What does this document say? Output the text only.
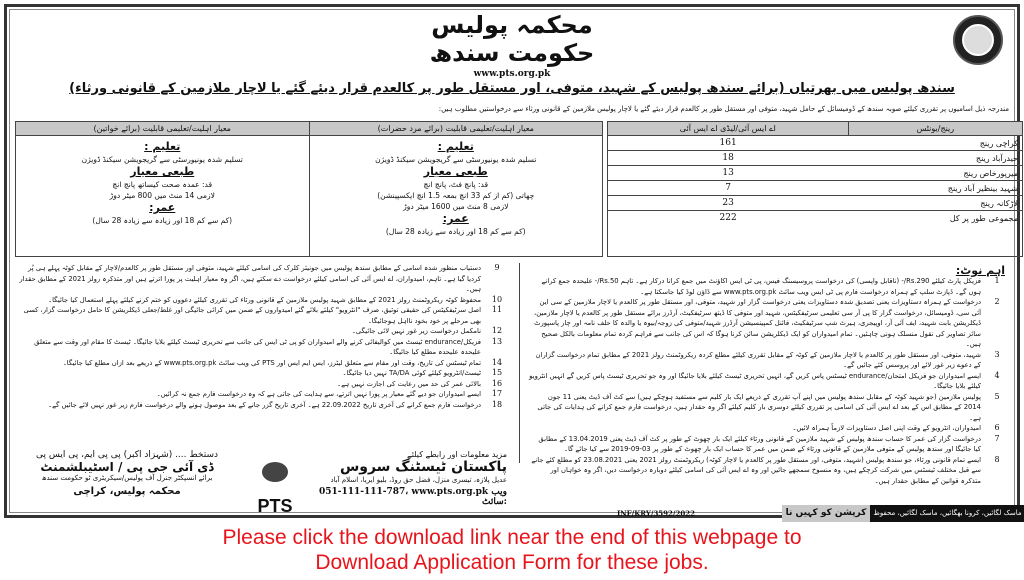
محکمہ پولیس
حکومت سندھ
www.pts.org.pk
سندھ پولیس میں بھرتیاں (برائے سندھ پولیس کے شہید، متوفی، اور مستقل طور پر کالعدم قرار دیئے گئے یا لاچار ملازمین کے قانونی ورثاء)
مندرجہ ذیل اسامیوں پر تقرری کیلئے صوبہ سندھ کے ڈومیسائل کے حامل شہید، متوفی اور مستقل طور پر کالعدم قرار دیئے گئے یا لاچار پولیس ملازمین کے قانونی ورثاء سے درخواستیں مطلوب ہیں:
معیار اہلیت/تعلیمی قابلیت (برائے خواتین)	معیار اہلیت/تعلیمی قابلیت (برائے مرد حضرات)

تعلیم :
تسلیم شدہ یونیورسٹی سے گریجویشن سیکنڈ ڈویژن
طبعی معیار
قد: عمدہ صحت کیساتھ پانچ انچ
لازمی 14 منٹ میں 800 میٹر دوڑ
عمر:
(کم سے کم 18 اور زیادہ سے زیادہ 28 سال)

تعلیم :
تسلیم شدہ یونیورسٹی سے گریجویشن سیکنڈ ڈویژن
طبعی معیار
قد: پانچ فٹ، پانچ انچ
چھاتی (کم از کم 33 انچ بمعہ 1.5 انچ ایکسپینشن)
لازمی 8 منٹ میں 1600 میٹر دوڑ
عمر:
(کم سے کم 18 اور زیادہ سے زیادہ 28 سال)
اے ایس آئی/لیڈی اے ایس آئی	رینج/یونٹس
161	کراچی رینج
18	حیدرآباد رینج
13	میرپورخاص رینج
7	شہید بینظیر آباد رینج
23	لاڑکانہ رینج
222	مجموعی طور پر کل

اہم نوٹ:
1
فزیکل پارٹ کیلئے Rs.290/- (ناقابل واپسی) کی درخواست پروسیسنگ فیس، پی ٹی ایس اکاؤنٹ میں جمع کرانا درکار ہے۔ تاہم Rs.50/- علیحدہ جمع کرانے ہوں گے۔ ڈپازٹ سلپ کے ہمراہ درخواست فارم پی ٹی ایس ویب سائٹ www.pts.org.pk سے ڈاؤن لوڈ کیا جاسکتا ہے۔
2
درخواست کے ہمراہ دستاویزات یعنی تصدیق شدہ دستاویزات یعنی درخواست گزار اور شہید، متوفی، اور مستقل طور پر کالعدم یا لاچار ملازمین کے سی این آئی سی، ڈومیسائل، درخواست گزار کا پی آر سی تعلیمی سرٹیفکیٹس، شہید اور متوفی کا ڈیتھ سرٹیفکیٹ، آرڈرز برائے مستقل طور پر کالعدم یا لاچار ملازمین، ڈیکلریشن بابت شہید، ایف آئی آر، اوپیجری، ہیرٹ شپ سرٹیفکیٹ، فائنل کمپینسیشن آرڈرز شہید/متوفی کی زوجہ/بیوہ یا والدہ کا حلف نامہ اور چار پاسپورٹ سائز تصاویر کی نقول منسلک ہونی چاہئیں۔ تمام امیدواران کو ایک ڈیکلریشن سائن کرنا ہوگا کہ اس کی جانب سے فراہم کردہ تمام معلومات بالکل صحیح ہیں۔
3
شہید، متوفی، اور مستقل طور پر کالعدم یا لاچار ملازمین کے کوٹہ کے مقابل تقرری کیلئے مطلع کردہ ریکروٹمنٹ رولز 2021 کے مطابق تمام درخواست گزاران کے دعوے زیر غور لائے اور پروسس کئے جائیں گے۔
4
ایسے امیدواران جو فزیکل امتحان/endurance ٹیسٹس پاس کریں گے، انہیں تحریری ٹیسٹ کیلئے بلایا جائیگا اور وہ جو تحریری ٹیسٹ پاس کریں گے انہیں انٹرویو کیلئے بلایا جائیگا۔
5
پولیس ملازمین (جو شہید کوٹہ کے مقابل سندھ پولیس میں اپنے آپ تقرری کے ذریعے ایک بار کلیم سے مستفید ہوچکے ہیں) سے کٹ آف ڈیٹ یعنی 11 جون 2014 کے مطابق اس کے بعد اے ایس آئی کی اسامی پر تقرری کیلئے دوسری بار کلیم کیلئے اگر وہ حقدار ہیں، درخواست فارم جمع کرانے کی ہدایات کی جاتی ہے۔
6
امیدواران، انٹرویو کے وقت اپنی اصل دستاویزات لازماً ہمراہ لائیں۔
7
درخواست گزار کی عمر کا حساب سندھ پولیس کے شہید ملازمین کے قانونی ورثاء کیلئے ایک بار چھوٹ کے طور پر کٹ آف ڈیٹ یعنی 13.04.2019 کے مطابق کیا جائیگا اور سندھ پولیس کے متوفی ملازمین کے قانونی ورثاء کے ضمن میں عمر کا حساب ایک بار چھوٹ کے طور پر 03-09-2019 سے کیا جائے گا۔
8
ایسے تمام قانونی ورثاء، جو سندھ پولیس (شہید، متوفی، اور مستقل طور پر کالعدم یا لاچار کوٹہ) ریکروٹمنٹ رولز 2021 یعنی 23.08.2021 کو مطلع کئے جانے سے قبل مختلف ٹیسٹس میں شرکت کرچکے ہیں، وہ منسوخ سمجھے جائیں اور وہ اے ایس آئی کی اسامی کیلئے دوبارہ درخواست دیں، اگر وہ خواہاں اور متذکرہ قوانین کے مطابق حقدار ہیں۔
9
دستیاب منظور شدہ اسامی کے مطابق سندھ پولیس میں جونیئر کلرک کی اسامی کیلئے شہید، متوفی اور مستقل طور پر کالعدم/لاچار کے مقابل کوٹہ پہلے ہی پُر کردیا گیا ہے۔ تاہم، امیدواران، اے ایس آئی کی اسامی کیلئے درخواست دے سکتے ہیں، اگر وہ معیار اہلیت پر پورا اترتے ہیں اور متذکرہ رولز 2021 کے مطابق حقدار ہیں۔
10
محفوظ کوٹہ ریکروٹمنٹ رولز 2021 کے مطابق شہید پولیس ملازمین کے قانونی ورثاء کی تقرری کیلئے دعووں کو ختم کرنے کیلئے پہلے استعمال کیا جائیگا۔
11
اصل سرٹیفکیٹس کی حقیقی توثیق، صرف "انٹرویو" کیلئے بلائے گئے امیدواروں کے ضمن میں کرائی جائیگی اور غلط/جعلی ڈیکلریشن کا حامل درخواست گزار، کسی بھی مرحلے پر خود بخود نااہل ہوجائیگا۔
12
نامکمل درخواست زیر غور نہیں لائی جائیگی۔
13
فزیکل/endurance ٹیسٹ میں کوالیفائی کرنے والے امیدواران کو پی ٹی ایس کی جانب سے تحریری ٹیسٹ کیلئے بلایا جائیگا۔ ٹیسٹ کا مقام اور وقت سے متعلق علیحدہ علیحدہ مطلع کیا جائیگا۔
14
تمام ٹیسٹس کی تاریخ، وقت اور مقام سے متعلق لیٹرز، ایس ایم ایس اور PTS کی ویب سائٹ www.pts.org.pk کے ذریعے بعد ازاں مطلع کیا جائیگا۔
15
ٹیسٹ/انٹرویو کیلئے کوئی TA/DA نہیں دیا جائیگا۔
16
بالائی عمر کی حد میں رعایت کی اجازت نہیں ہے۔
17
ایسے امیدواران جو دیے گئے معیار پر پورا نہیں اترتے، سے ہدایت کی جاتی ہے کہ وہ درخواست فارم جمع نہ کرائیں۔
18
درخواست فارم جمع کرانے کی آخری تاریخ 22.09.2022 ہے۔ آخری تاریخ گزر جانے کے بعد موصول ہونے والے درخواست فارم زیر غور نہیں لائے جائیں گے۔
مزید معلومات اور رابطے کیلئے
پاکستان ٹیسٹنگ سروس
عدیل پلازہ، تیسری منزل، فضل حق روڈ، بلیو ایریا، اسلام آباد
051-111-111-787، www.pts.org.pk ویب سائٹ:
PTS
دستخط .... (شہزاد اکبر) پی پی ایم، پی ایس پی
ڈی آئی جی پی / اسٹیبلشمنٹ
برائے انسپکٹر جنرل آف پولیس/سیکریٹری ٹو حکومت سندھ
محکمہ پولیس، کراچی
INF/KRY/3592/2022	کرپشن کو کہیں نا ماسک لگائیں، کرونا بھگائیں، ماسک لگائیں، محفوظ رہیں
Please click the download link near the end of this webpage to
Download Application Form for these jobs.
